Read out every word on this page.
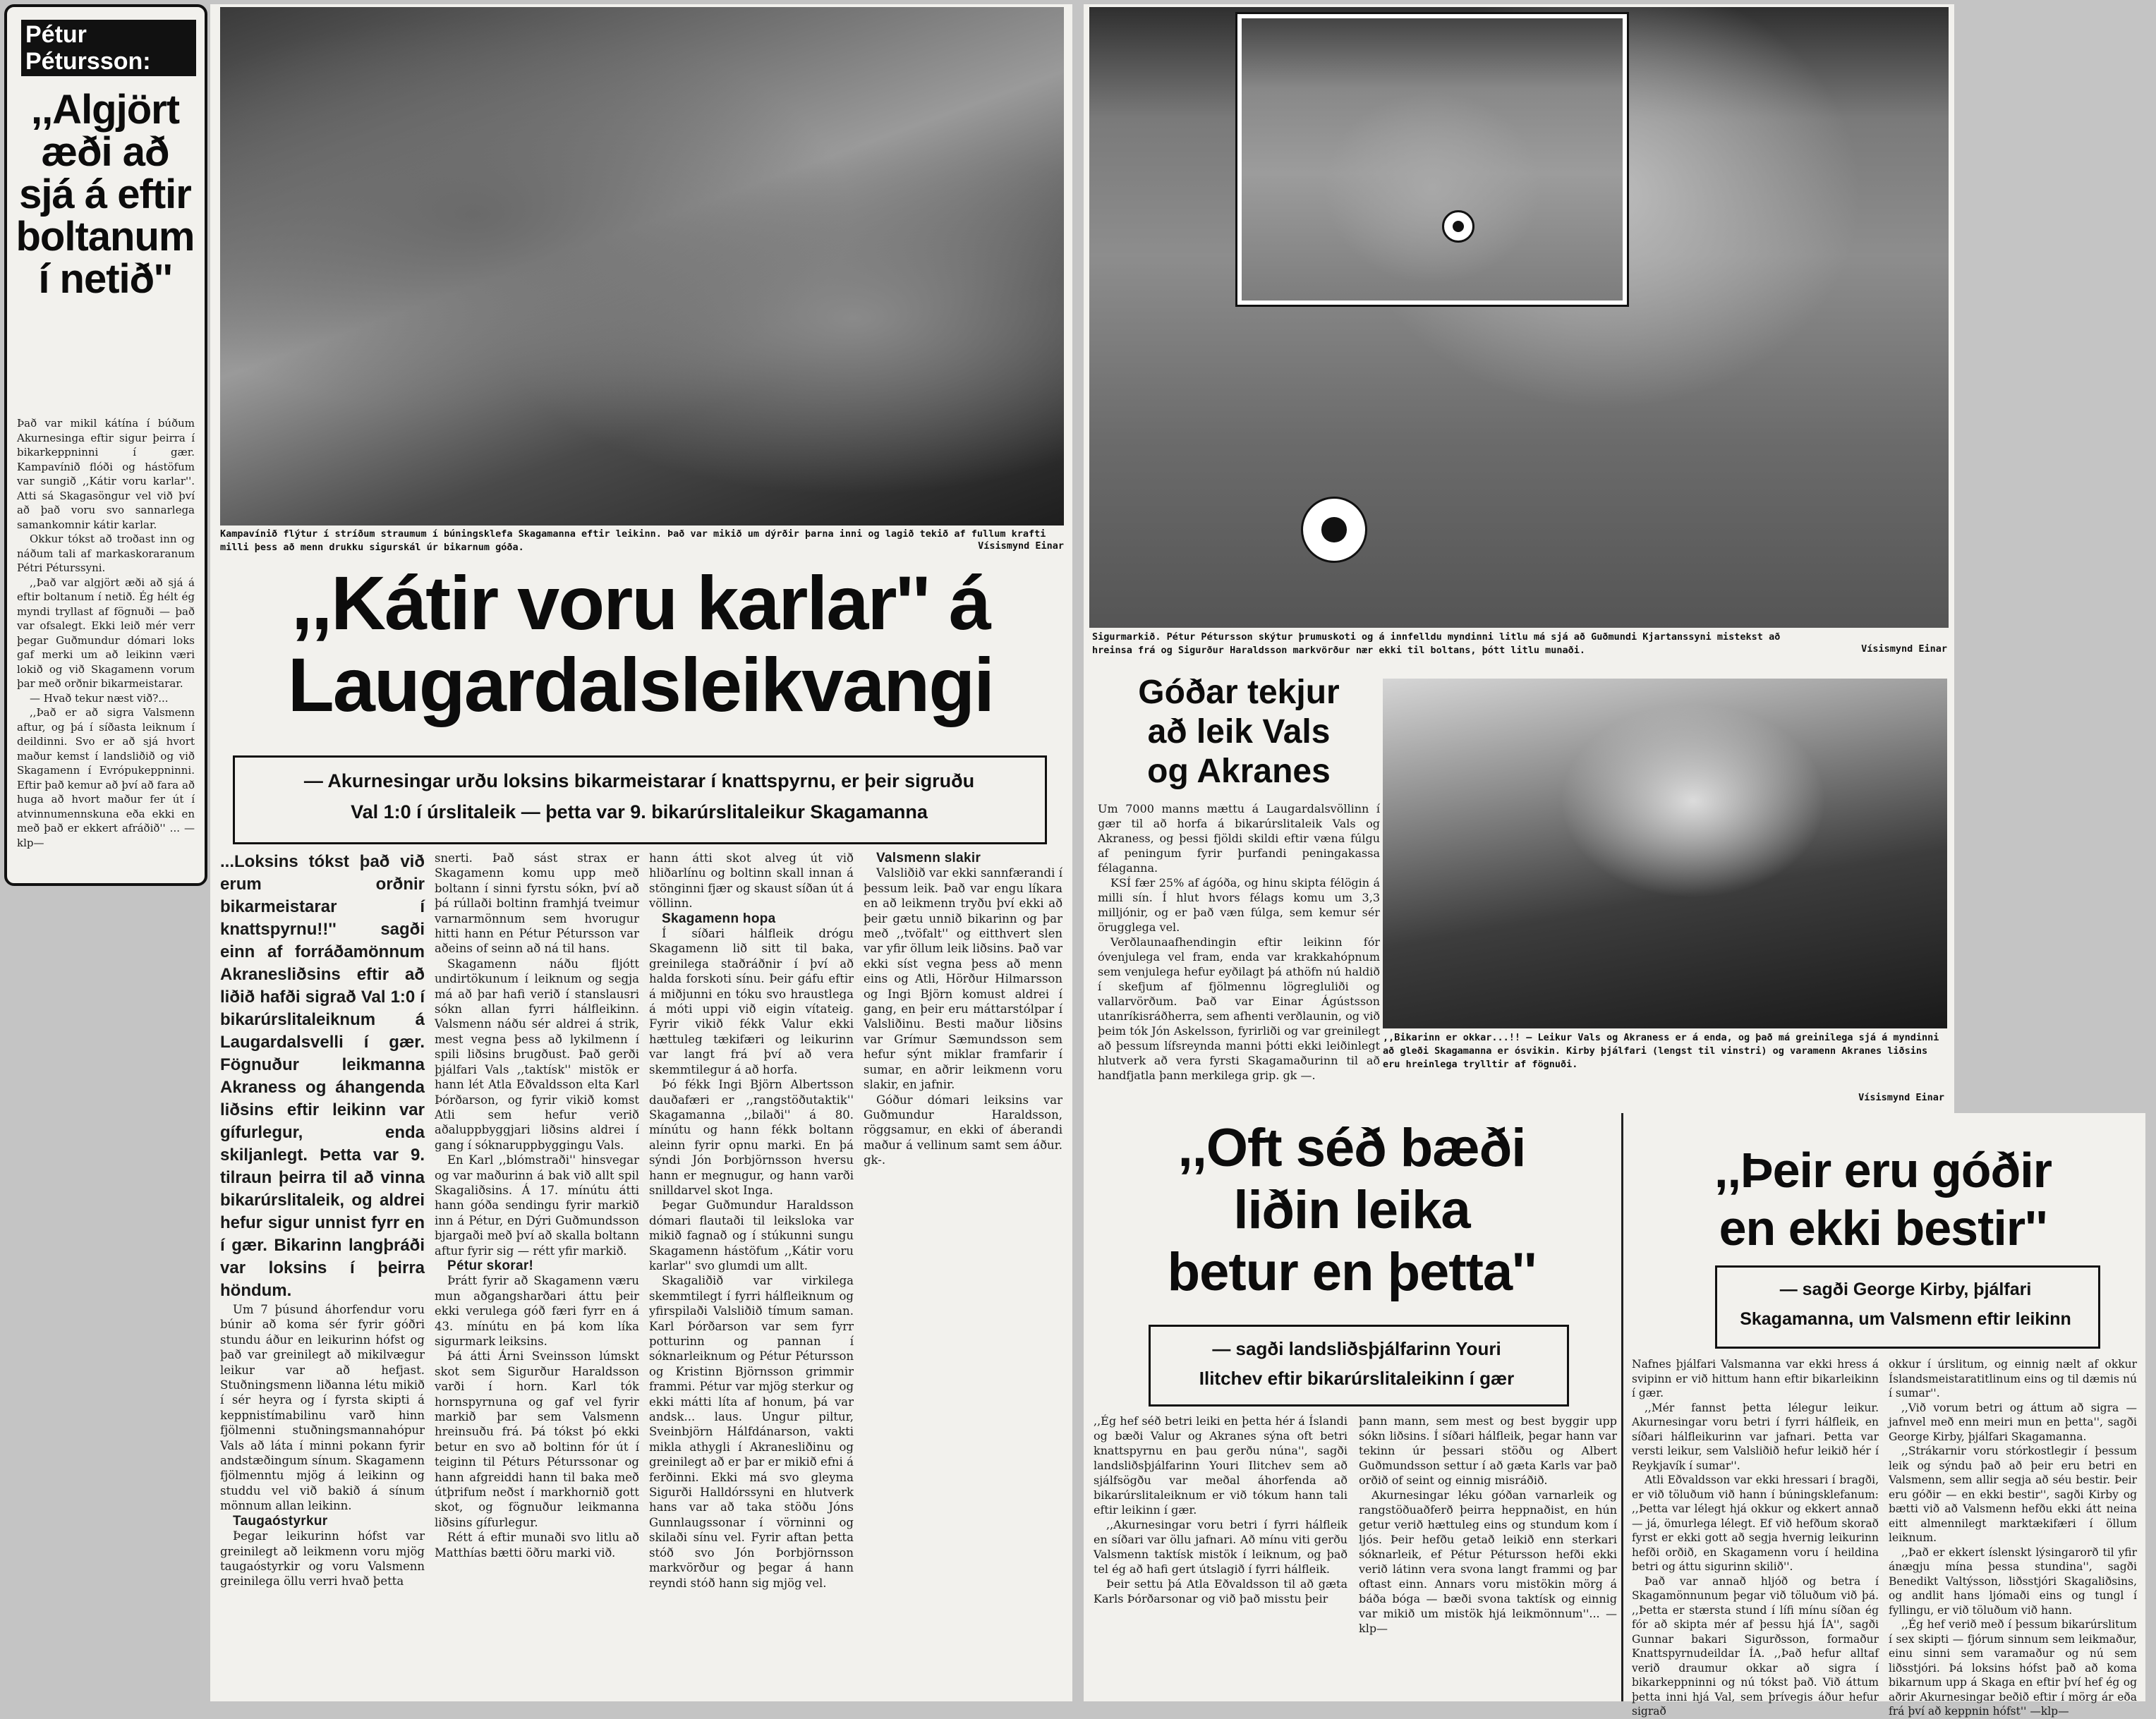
Pétur Pétursson:
,,Algjört æði að sjá á eftir boltanum í netið''

Það var mikil kátína í búðum Akurnesinga eftir sigur þeirra í bikarkeppninni í gær. Kampavínið flóði og hástöfum var sungið ,,Kátir voru karlar''. Atti sá Skagasöngur vel við því að það voru svo sannarlega samankomnir kátir karlar.

Okkur tókst að troðast inn og náðum tali af markaskoraranum Pétri Péturssyni.

,,Það var algjört æði að sjá á eftir boltanum í netið. Ég hélt ég myndi tryllast af fögnuði — það var ofsalegt. Ekki leið mér verr þegar Guðmundur dómari loks gaf merki um að leikinn væri lokið og við Skagamenn vorum þar með orðnir bikarmeistarar.

— Hvað tekur næst við?...

,,Það er að sigra Valsmenn aftur, og þá í síðasta leiknum í deildinni. Svo er að sjá hvort maður kemst í landsliðið og við Skagamenn í Evrópukeppninni. Eftir það kemur að því að fara að huga að hvort maður fer út í atvinnumennskuna eða ekki en með það er ekkert afráðið'' ... —klp—

Kampavínið flýtur í stríðum straumum í búningsklefa Skagamanna eftir leikinn. Það var mikið um dýrðir þarna inni og lagið tekið af fullum krafti milli þess að menn drukku sigurskál úr bikarnum góða.	Vísismynd Einar
,,Kátir voru karlar'' á
Laugardalsleikvangi
— Akurnesingar urðu loksins bikarmeistarar í knattspyrnu, er þeir sigruðu
Val 1:0 í úrslitaleik — þetta var 9. bikarúrslitaleikur Skagamanna

...Loksins tókst það við erum orðnir bikarmeistarar í knattspyrnu!!'' sagði einn af forráðamönnum Akranesliðsins eftir að liðið hafði sigrað Val 1:0 í bikarúrslitaleiknum á Laugardalsvelli í gær. Fögnuður leikmanna Akraness og áhangenda liðsins eftir leikinn var gífurlegur, enda skiljanlegt. Þetta var 9. tilraun þeirra til að vinna bikarúrslitaleik, og aldrei hefur sigur unnist fyrr en í gær. Bikarinn langþráði var loksins í þeirra höndum.

Um 7 þúsund áhorfendur voru búnir að koma sér fyrir góðri stundu áður en leikurinn hófst og það var greinilegt að mikilvægur leikur var að hefjast. Stuðningsmenn liðanna létu mikið í sér heyra og í fyrsta skipti á keppnistímabilinu varð hinn fjölmenni stuðningsmannahópur Vals að láta í minni pokann fyrir andstæðingum sínum. Skagamenn fjölmenntu mjög á leikinn og studdu vel við bakið á sínum mönnum allan leikinn.

Taugaóstyrkur

Þegar leikurinn hófst var greinilegt að leikmenn voru mjög taugaóstyrkir og voru Valsmenn greinilega öllu verri hvað þetta

snerti. Það sást strax er Skagamenn komu upp með boltann í sinni fyrstu sókn, því að þá rúllaði boltinn framhjá tveimur varnarmönnum sem hvorugur hitti hann en Pétur Pétursson var aðeins of seinn að ná til hans.

Skagamenn náðu fljótt undirtökunum í leiknum og segja má að þar hafi verið í stanslausri sókn allan fyrri hálfleikinn. Valsmenn náðu sér aldrei á strik, mest vegna þess að lykilmenn í spili liðsins brugðust. Það gerði þjálfari Vals ,,taktísk'' mistök er hann lét Atla Eðvaldsson elta Karl Þórðarson, og fyrir vikið komst Atli sem hefur verið aðaluppbyggjari liðsins aldrei í gang í sóknaruppbyggingu Vals.

En Karl ,,blómstraði'' hinsvegar og var maðurinn á bak við allt spil Skagaliðsins. Á 17. mínútu átti hann góða sendingu fyrir markið inn á Pétur, en Dýri Guðmundsson bjargaði með því að skalla boltann aftur fyrir sig — rétt yfir markið.

Pétur skorar!

Þrátt fyrir að Skagamenn væru mun aðgangsharðari áttu þeir ekki verulega góð færi fyrr en á 43. mínútu en þá kom líka sigurmark leiksins.

Þá átti Árni Sveinsson lúmskt skot sem Sigurður Haraldsson varði í horn. Karl tók hornspyrnuna og gaf vel fyrir markið þar sem Valsmenn hreinsuðu frá. Þá tókst þó ekki betur en svo að boltinn fór út í teiginn til Péturs Péturssonar og hann afgreiddi hann til baka með útþrifum neðst í markhornið gott skot, og fögnuður leikmanna liðsins gífurlegur.

Rétt á eftir munaði svo litlu að Matthías bætti öðru marki við.

hann átti skot alveg út við hliðarlínu og boltinn skall innan á stönginni fjær og skaust síðan út á völlinn.

Skagamenn hopa

Í síðari hálfleik drógu Skagamenn lið sitt til baka, greinilega staðráðnir í því að halda forskoti sínu. Þeir gáfu eftir á miðjunni en tóku svo hraustlega á móti uppi við eigin vítateig. Fyrir vikið fékk Valur ekki hættuleg tækifæri og leikurinn var langt frá því að vera skemmtilegur á að horfa.

Þó fékk Ingi Björn Albertsson dauðafæri er ,,rangstöðutaktik'' Skagamanna ,,bilaði'' á 80. mínútu og hann fékk boltann aleinn fyrir opnu marki. En þá sýndi Jón Þorbjörnsson hversu hann er megnugur, og hann varði snilldarvel skot Inga.

Þegar Guðmundur Haraldsson dómari flautaði til leiksloka var mikið fagnað og í stúkunni sungu Skagamenn hástöfum ,,Kátir voru karlar'' svo glumdi um allt.

Skagaliðið var virkilega skemmtilegt í fyrri hálfleiknum og yfirspilaði Valsliðið tímum saman. Karl Þórðarson var sem fyrr potturinn og pannan í sóknarleiknum og Pétur Pétursson og Kristinn Björnsson grimmir frammi. Pétur var mjög sterkur og ekki mátti líta af honum, þá var andsk... laus. Ungur piltur, Sveinbjörn Hálfdánarson, vakti mikla athygli í Akranesliðinu og greinilegt að er þar er mikið efni á ferðinni. Ekki má svo gleyma Sigurði Halldórssyni en hlutverk hans var að taka stöðu Jóns Gunnlaugssonar í vörninni og skilaði sínu vel. Fyrir aftan þetta stóð svo Jón Þorbjörnsson markvörður og þegar á hann reyndi stóð hann sig mjög vel.

Valsmenn slakir

Valsliðið var ekki sannfærandi í þessum leik. Það var engu líkara en að leikmenn tryðu því ekki að þeir gætu unnið bikarinn og þar með ,,tvöfalt'' og eitthvert slen var yfir öllum leik liðsins. Það var ekki síst vegna þess að menn eins og Atli, Hörður Hilmarsson og Ingi Björn komust aldrei í gang, en þeir eru máttarstólpar í Valsliðinu. Besti maður liðsins var Grímur Sæmundsson sem hefur sýnt miklar framfarir í sumar, en aðrir leikmenn voru slakir, en jafnir.

Góður dómari leiksins var Guðmundur Haraldsson, röggsamur, en ekki of áberandi maður á vellinum samt sem áður. gk-.

Sigurmarkið. Pétur Pétursson skýtur þrumuskoti og á innfelldu myndinni litlu má sjá að Guðmundi Kjartanssyni mistekst að hreinsa frá og Sigurður Haraldsson markvörður nær ekki til boltans, þótt litlu munaði.	Vísismynd Einar
Góðar tekjur
að leik Vals
og Akranes

Um 7000 manns mættu á Laugardalsvöllinn í gær til að horfa á bikarúrslitaleik Vals og Akraness, og þessi fjöldi skildi eftir væna fúlgu af peningum fyrir þurfandi peningakassa félaganna.

KSÍ fær 25% af ágóða, og hinu skipta félögin á milli sín. Í hlut hvors félags komu um 3,3 milljónir, og er það væn fúlga, sem kemur sér örugglega vel.

Verðlaunaafhendingin eftir leikinn fór óvenjulega vel fram, enda var krakkahópnum sem venjulega hefur eyðilagt þá athöfn nú haldið í skefjum af fjölmennu lögregluliði og vallarvörðum. Það var Einar Ágústsson utanríkisráðherra, sem afhenti verðlaunin, og við þeim tók Jón Askelsson, fyrirliði og var greinilegt að þessum lífsreynda manni þótti ekki leiðinlegt hlutverk að vera fyrsti Skagamaðurinn til að handfjatla þann merkilega grip. gk —.

,,Bikarinn er okkar...!! — Leikur Vals og Akraness er á enda, og það má greinilega sjá á myndinni að gleði Skagamanna er ósvikin. Kirby þjálfari (lengst til vinstri) og varamenn Akranes liðsins eru hreinlega trylltir af fögnuði.
Vísismynd Einar
,,Oft séð bæði
liðin leika
betur en þetta''
— sagði landsliðsþjálfarinn Youri
Ilitchev eftir bikarúrslitaleikinn í gær

,,Ég hef séð betri leiki en þetta hér á Íslandi og bæði Valur og Akranes sýna oft betri knattspyrnu en þau gerðu núna'', sagði landsliðsþjálfarinn Youri Ilitchev sem að sjálfsögðu var meðal áhorfenda að bikarúrslitaleiknum er við tókum hann tali eftir leikinn í gær.

,,Akurnesingar voru betri í fyrri hálfleik en síðari var öllu jafnari. Að mínu viti gerðu Valsmenn taktísk mistök í leiknum, og það tel ég að hafi gert útslagið í fyrri hálfleik.

Þeir settu þá Atla Eðvaldsson til að gæta Karls Þórðarsonar og við það misstu þeir

þann mann, sem mest og best byggir upp sókn liðsins. Í síðari hálfleik, þegar hann var tekinn úr þessari stöðu og Albert Guðmundsson settur í að gæta Karls var það orðið of seint og einnig misráðið.

Akurnesingar léku góðan varnarleik og rangstöðuaðferð þeirra heppnaðist, en hún getur verið hættuleg eins og stundum kom í ljós. Þeir hefðu getað leikið enn sterkari sóknarleik, ef Pétur Pétursson hefði ekki verið látinn vera svona langt frammi og þar oftast einn. Annars voru mistökin mörg á báða bóga — bæði svona taktísk og einnig var mikið um mistök hjá leikmönnum''... —klp—

,,Þeir eru góðir
en ekki bestir''
— sagði George Kirby, þjálfari
Skagamanna, um Valsmenn eftir leikinn

Nafnes þjálfari Valsmanna var ekki hress á svipinn er við hittum hann eftir bikarleikinn í gær.

,,Mér fannst þetta lélegur leikur. Akurnesingar voru betri í fyrri hálfleik, en síðari hálfleikurinn var jafnari. Þetta var versti leikur, sem Valsliðið hefur leikið hér í Reykjavík í sumar''.

Atli Eðvaldsson var ekki hressari í bragði, er við töluðum við hann í búningsklefanum: ,,Þetta var lélegt hjá okkur og ekkert annað — já, ömurlega lélegt. Ef við hefðum skorað fyrst er ekki gott að segja hvernig leikurinn hefði orðið, en Skagamenn voru í heildina betri og áttu sigurinn skilið''.

Það var annað hljóð og betra í Skagamönnunum þegar við töluðum við þá. ,,Þetta er stærsta stund í lífi mínu síðan ég fór að skipta mér af þessu hjá ÍA'', sagði Gunnar bakari Sigurðsson, formaður Knattspyrnudeildar ÍA. ,,Það hefur alltaf verið draumur okkar að sigra í bikarkeppninni og nú tókst það. Við áttum þetta inni hjá Val, sem þrívegis áður hefur sigrað

okkur í úrslitum, og einnig nælt af okkur Íslandsmeistaratitlinum eins og til dæmis nú í sumar''.

,,Við vorum betri og áttum að sigra — jafnvel með enn meiri mun en þetta'', sagði George Kirby, þjálfari Skagamanna.

,,Strákarnir voru stórkostlegir í þessum leik og sýndu það að þeir eru betri en Valsmenn, sem allir segja að séu bestir. Þeir eru góðir — en ekki bestir'', sagði Kirby og bætti við að Valsmenn hefðu ekki átt neina eitt almennilegt marktækifæri í öllum leiknum.

,,Það er ekkert íslenskt lýsingarorð til yfir ánægju mína þessa stundina'', sagði Benedikt Valtýsson, liðsstjóri Skagaliðsins, og andlit hans ljómaði eins og tungl í fyllingu, er við töluðum við hann.

,,Ég hef verið með í þessum bikarúrslitum í sex skipti — fjórum sinnum sem leikmaður, einu sinni sem varamaður og nú sem liðsstjóri. Þá loksins hófst það að koma bikarnum upp á Skaga en eftir því hef ég og aðrir Akurnesingar beðið eftir í mörg ár eða frá því að keppnin hófst'' —klp—
